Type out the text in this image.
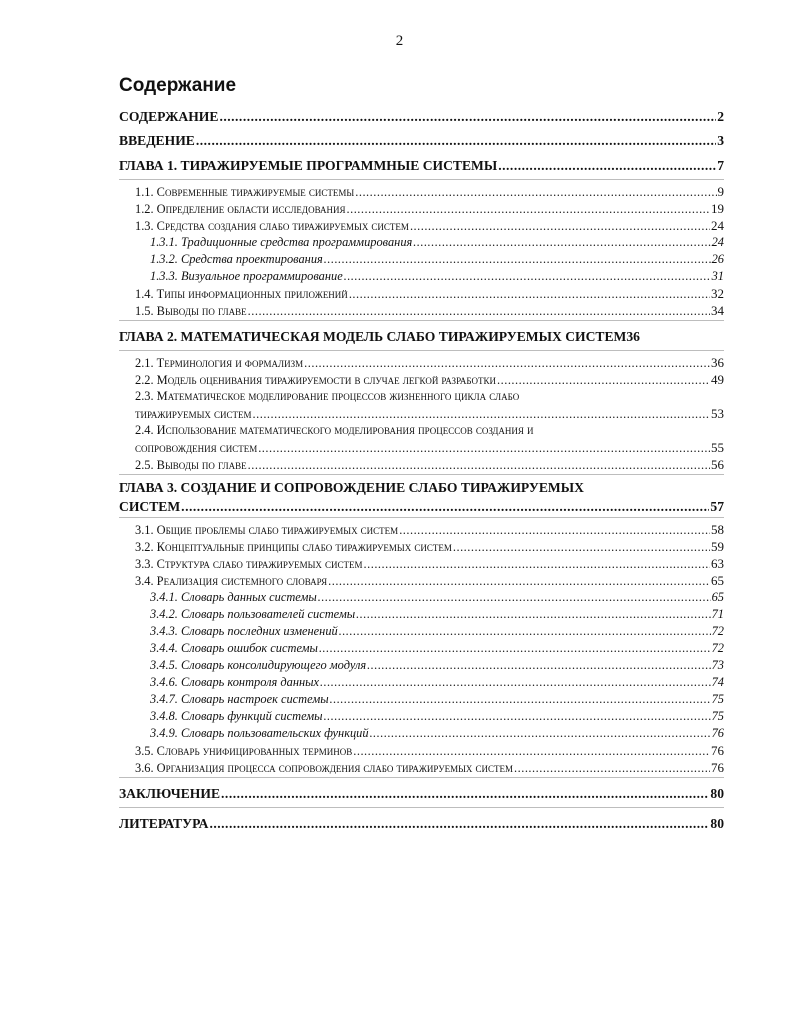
2
Содержание
СОДЕРЖАНИЕ .....	2
ВВЕДЕНИЕ .....	3
ГЛАВА 1. ТИРАЖИРУЕМЫЕ ПРОГРАММНЫЕ СИСТЕМЫ .....	7
1.1. Современные тиражируемые системы .....	9
1.2. Определение области исследования .....	19
1.3. Средства создания слабо тиражируемых систем .....	24
1.3.1. Традиционные средства программирования .....	24
1.3.2. Средства проектирования .....	26
1.3.3. Визуальное программирование .....	31
1.4. Типы информационных приложений .....	32
1.5. Выводы по главе .....	34
ГЛАВА 2. МАТЕМАТИЧЕСКАЯ МОДЕЛЬ СЛАБО ТИРАЖИРУЕМЫХ СИСТЕМ 36
2.1. Терминология и формализм .....	36
2.2. Модель оценивания тиражируемости в случае легкой разработки .....	49
2.3. Математическое моделирование процессов жизненного цикла слабо
тиражируемых систем .....	53
2.4. Использование математического моделирования процессов создания и
сопровождения систем .....	55
2.5. Выводы по главе .....	56
ГЛАВА 3. СОЗДАНИЕ И СОПРОВОЖДЕНИЕ СЛАБО ТИРАЖИРУЕМЫХ
СИСТЕМ .....	57
3.1. Общие проблемы слабо тиражируемых систем .....	58
3.2. Концептуальные принципы слабо тиражируемых систем .....	59
3.3. Структура слабо тиражируемых систем .....	63
3.4. Реализация системного словаря .....	65
3.4.1. Словарь данных системы .....	65
3.4.2. Словарь пользователей системы .....	71
3.4.3. Словарь последних изменений .....	72
3.4.4. Словарь ошибок системы .....	72
3.4.5. Словарь консолидирующего модуля .....	73
3.4.6. Словарь контроля данных .....	74
3.4.7. Словарь настроек системы .....	75
3.4.8. Словарь функций системы .....	75
3.4.9. Словарь пользовательских функций .....	76
3.5. Словарь унифицированных терминов .....	76
3.6. Организация процесса сопровождения слабо тиражируемых систем .....	76
ЗАКЛЮЧЕНИЕ .....	80
ЛИТЕРАТУРА .....	80
